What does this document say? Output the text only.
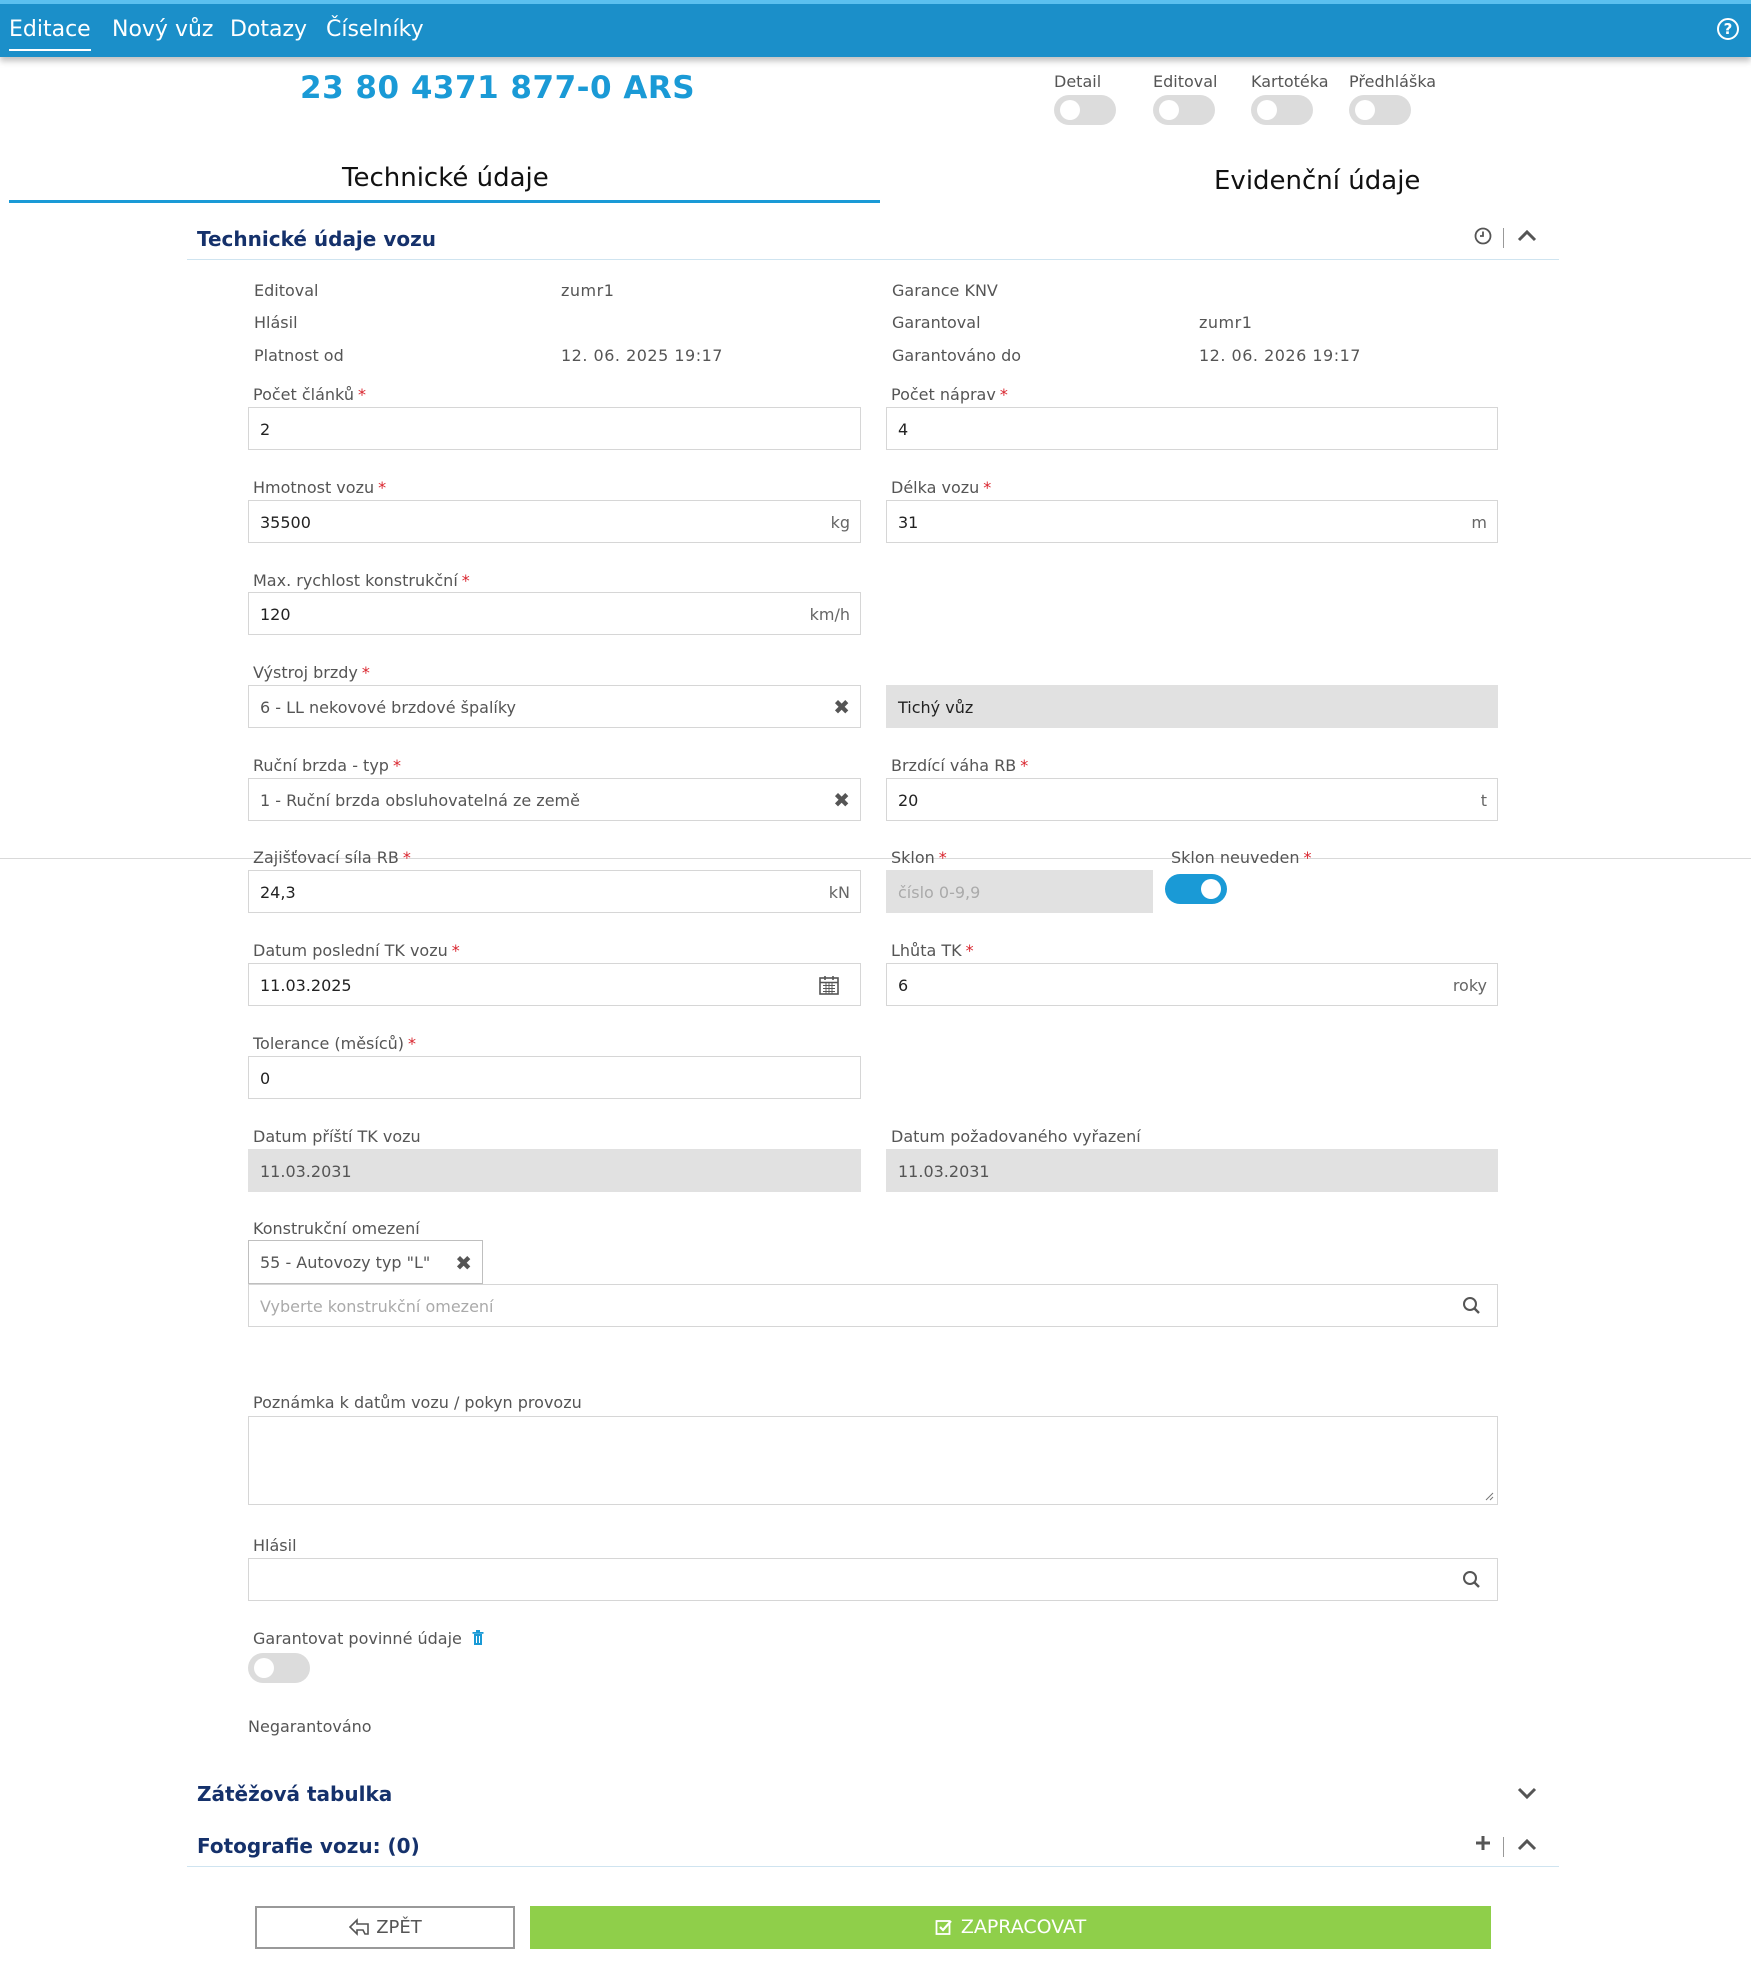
Editace Nový vůz Dotazy Číselníky	?
23 80 4371 877-0 ARS	Detail	Editoval Kartotéka Předhláška
Technické údaje	Evidenční údaje
Technické údaje vozu
Editoval	zumr1
Hlásil
Platnost od	12. 06. 2025 19:17
Garance KNV
Garantoval	zumr1
Garantováno do	12. 06. 2026 19:17
Počet článků *
2
Počet náprav *
4
Hmotnost vozu *
35500	kg
Délka vozu *
31	m
Max. rychlost konstrukční *
120	km/h
Výstroj brzdy *
6 - LL nekovové brzdové špalíky	✖	Tichý vůz
Ruční brzda - typ *
1 - Ruční brzda obsluhovatelná ze země	✖
Brzdící váha RB *
20	t
Zajišťovací síla RB *
24,3	kN
Sklon *
číslo 0-9,9
Sklon neuveden *
Datum poslední TK vozu *
11.03.2025
Lhůta TK *
6	roky
Tolerance (měsíců) *
0
Datum příští TK vozu
11.03.2031
Datum požadovaného vyřazení
11.03.2031
Konstrukční omezení
55 - Autovozy typ "L" ✖
Vyberte konstrukční omezení
Poznámka k datům vozu / pokyn provozu
Hlásil
Garantovat povinné údaje
Negarantováno
Zátěžová tabulka
Fotografie vozu: (0)
ZPĚT	ZAPRACOVAT
